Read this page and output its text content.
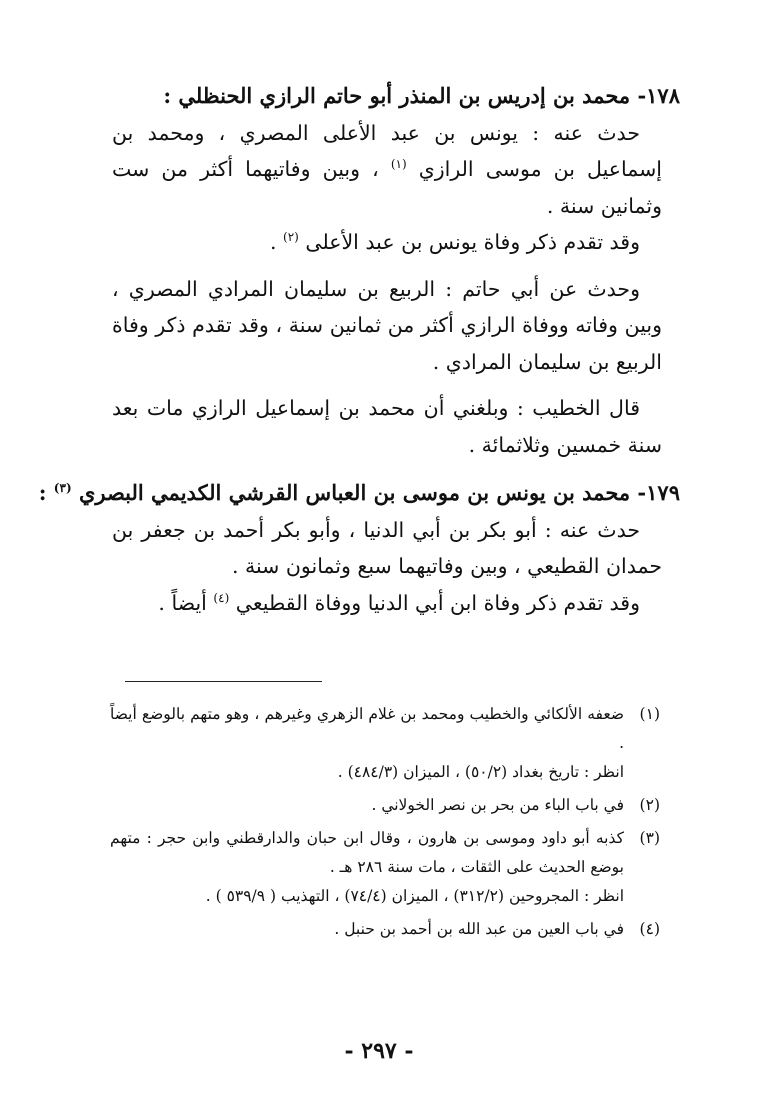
١٧٨- محمد بن إدريس بن المنذر أبو حاتم الرازي الحنظلي :

حدث عنه : يونس بن عبد الأعلى المصري ، ومحمد بن إسماعيل بن موسى الرازي $^{(١)}$ ، وبين وفاتيهما أكثر من ست وثمانين سنة .

وقد تقدم ذكر وفاة يونس بن عبد الأعلى $^{(٢)}$ .

وحدث عن أبي حاتم : الربيع بن سليمان المرادي المصري ، وبين وفاته ووفاة الرازي أكثر من ثمانين سنة ، وقد تقدم ذكر وفاة الربيع بن سليمان المرادي .

قال الخطيب : وبلغني أن محمد بن إسماعيل الرازي مات بعد سنة خمسين وثلاثمائة .

١٧٩- محمد بن يونس بن موسى بن العباس القرشي الكديمي البصري $^{(٣)}$ :

حدث عنه : أبو بكر بن أبي الدنيا ، وأبو بكر أحمد بن جعفر بن حمدان القطيعي ، وبين وفاتيهما سبع وثمانون سنة .

وقد تقدم ذكر وفاة ابن أبي الدنيا ووفاة القطيعي $^{(٤)}$ أيضاً .

(١)
ضعفه الألكائي والخطيب ومحمد بن غلام الزهري وغيرهم ، وهو متهم بالوضع أيضاً .
انظر : تاريخ بغداد (٥٠/٢) ، الميزان (٤٨٤/٣) .
(٢)
في باب الباء من بحر بن نصر الخولاني .
(٣)
كذبه أبو داود وموسى بن هارون ، وقال ابن حبان والدارقطني وابن حجر : متهم بوضع الحديث على الثقات ، مات سنة ٢٨٦ هـ .
انظر : المجروحين (٣١٢/٢) ، الميزان (٧٤/٤) ، التهذيب ( ٥٣٩/٩ ) .
(٤)
في باب العين من عبد الله بن أحمد بن حنبل .
- ٢٩٧ -
